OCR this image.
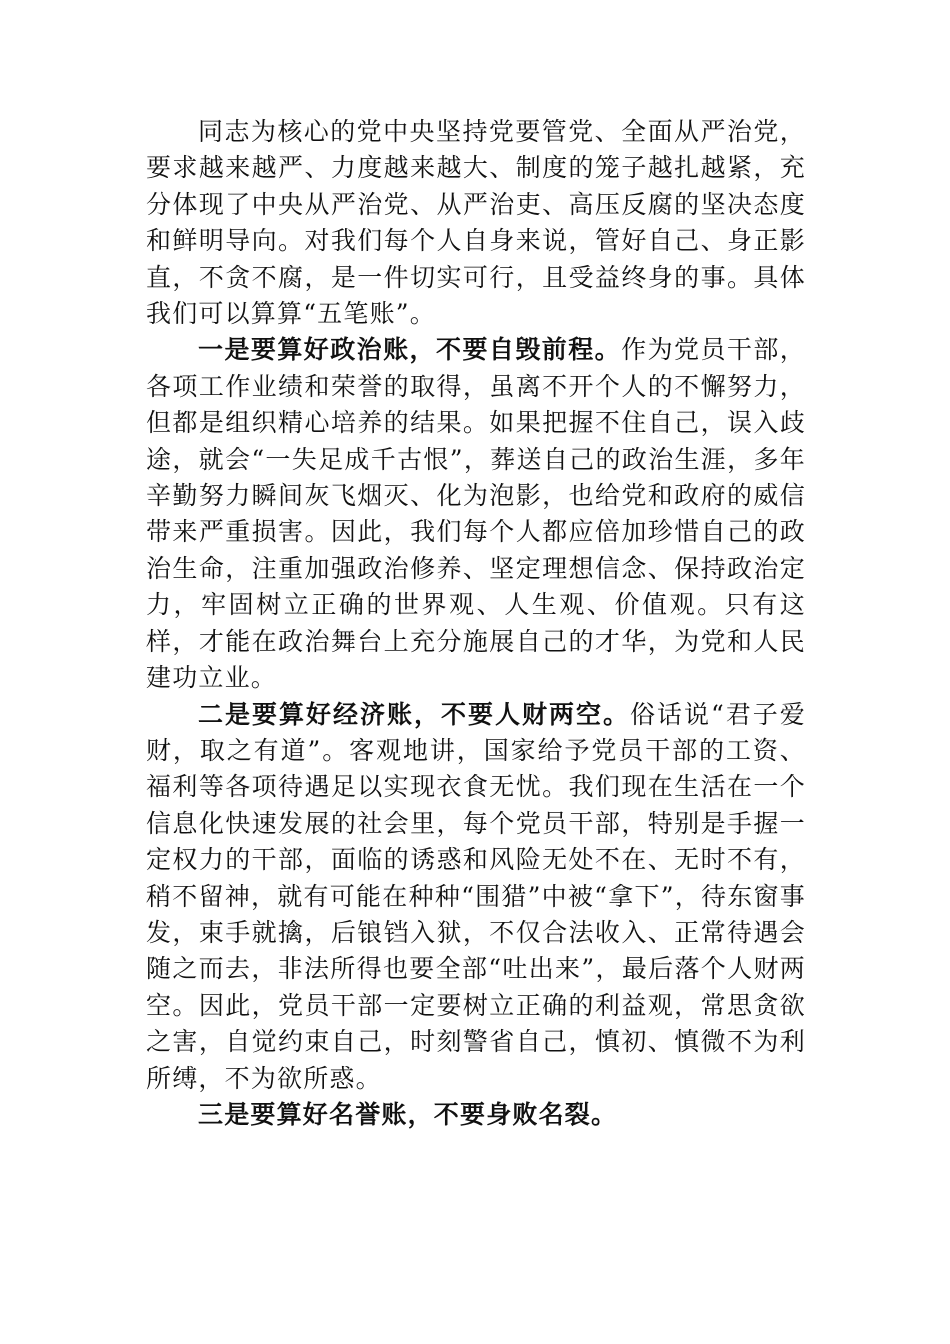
同志为核心的党中央坚持党要管党、全面从严治党，要求越来越严、力度越来越大、制度的笼子越扎越紧，充分体现了中央从严治党、从严治吏、高压反腐的坚决态度和鲜明导向。对我们每个人自身来说，管好自己、身正影直，不贪不腐，是一件切实可行，且受益终身的事。具体我们可以算算“五笔账”。

一是要算好政治账，不要自毁前程。作为党员干部，各项工作业绩和荣誉的取得，虽离不开个人的不懈努力，但都是组织精心培养的结果。如果把握不住自己，误入歧途，就会“一失足成千古恨”，葬送自己的政治生涯，多年辛勤努力瞬间灰飞烟灭、化为泡影，也给党和政府的威信带来严重损害。因此，我们每个人都应倍加珍惜自己的政治生命，注重加强政治修养、坚定理想信念、保持政治定力，牢固树立正确的世界观、人生观、价值观。只有这样，才能在政治舞台上充分施展自己的才华，为党和人民建功立业。

二是要算好经济账，不要人财两空。俗话说“君子爱财，取之有道”。客观地讲，国家给予党员干部的工资、福利等各项待遇足以实现衣食无忧。我们现在生活在一个信息化快速发展的社会里，每个党员干部，特别是手握一定权力的干部，面临的诱惑和风险无处不在、无时不有，稍不留神，就有可能在种种“围猎”中被“拿下”，待东窗事发，束手就擒，后锒铛入狱，不仅合法收入、正常待遇会随之而去，非法所得也要全部“吐出来”，最后落个人财两空。因此，党员干部一定要树立正确的利益观，常思贪欲之害，自觉约束自己，时刻警省自己，慎初、慎微不为利所缚，不为欲所惑。

三是要算好名誉账，不要身败名裂。
